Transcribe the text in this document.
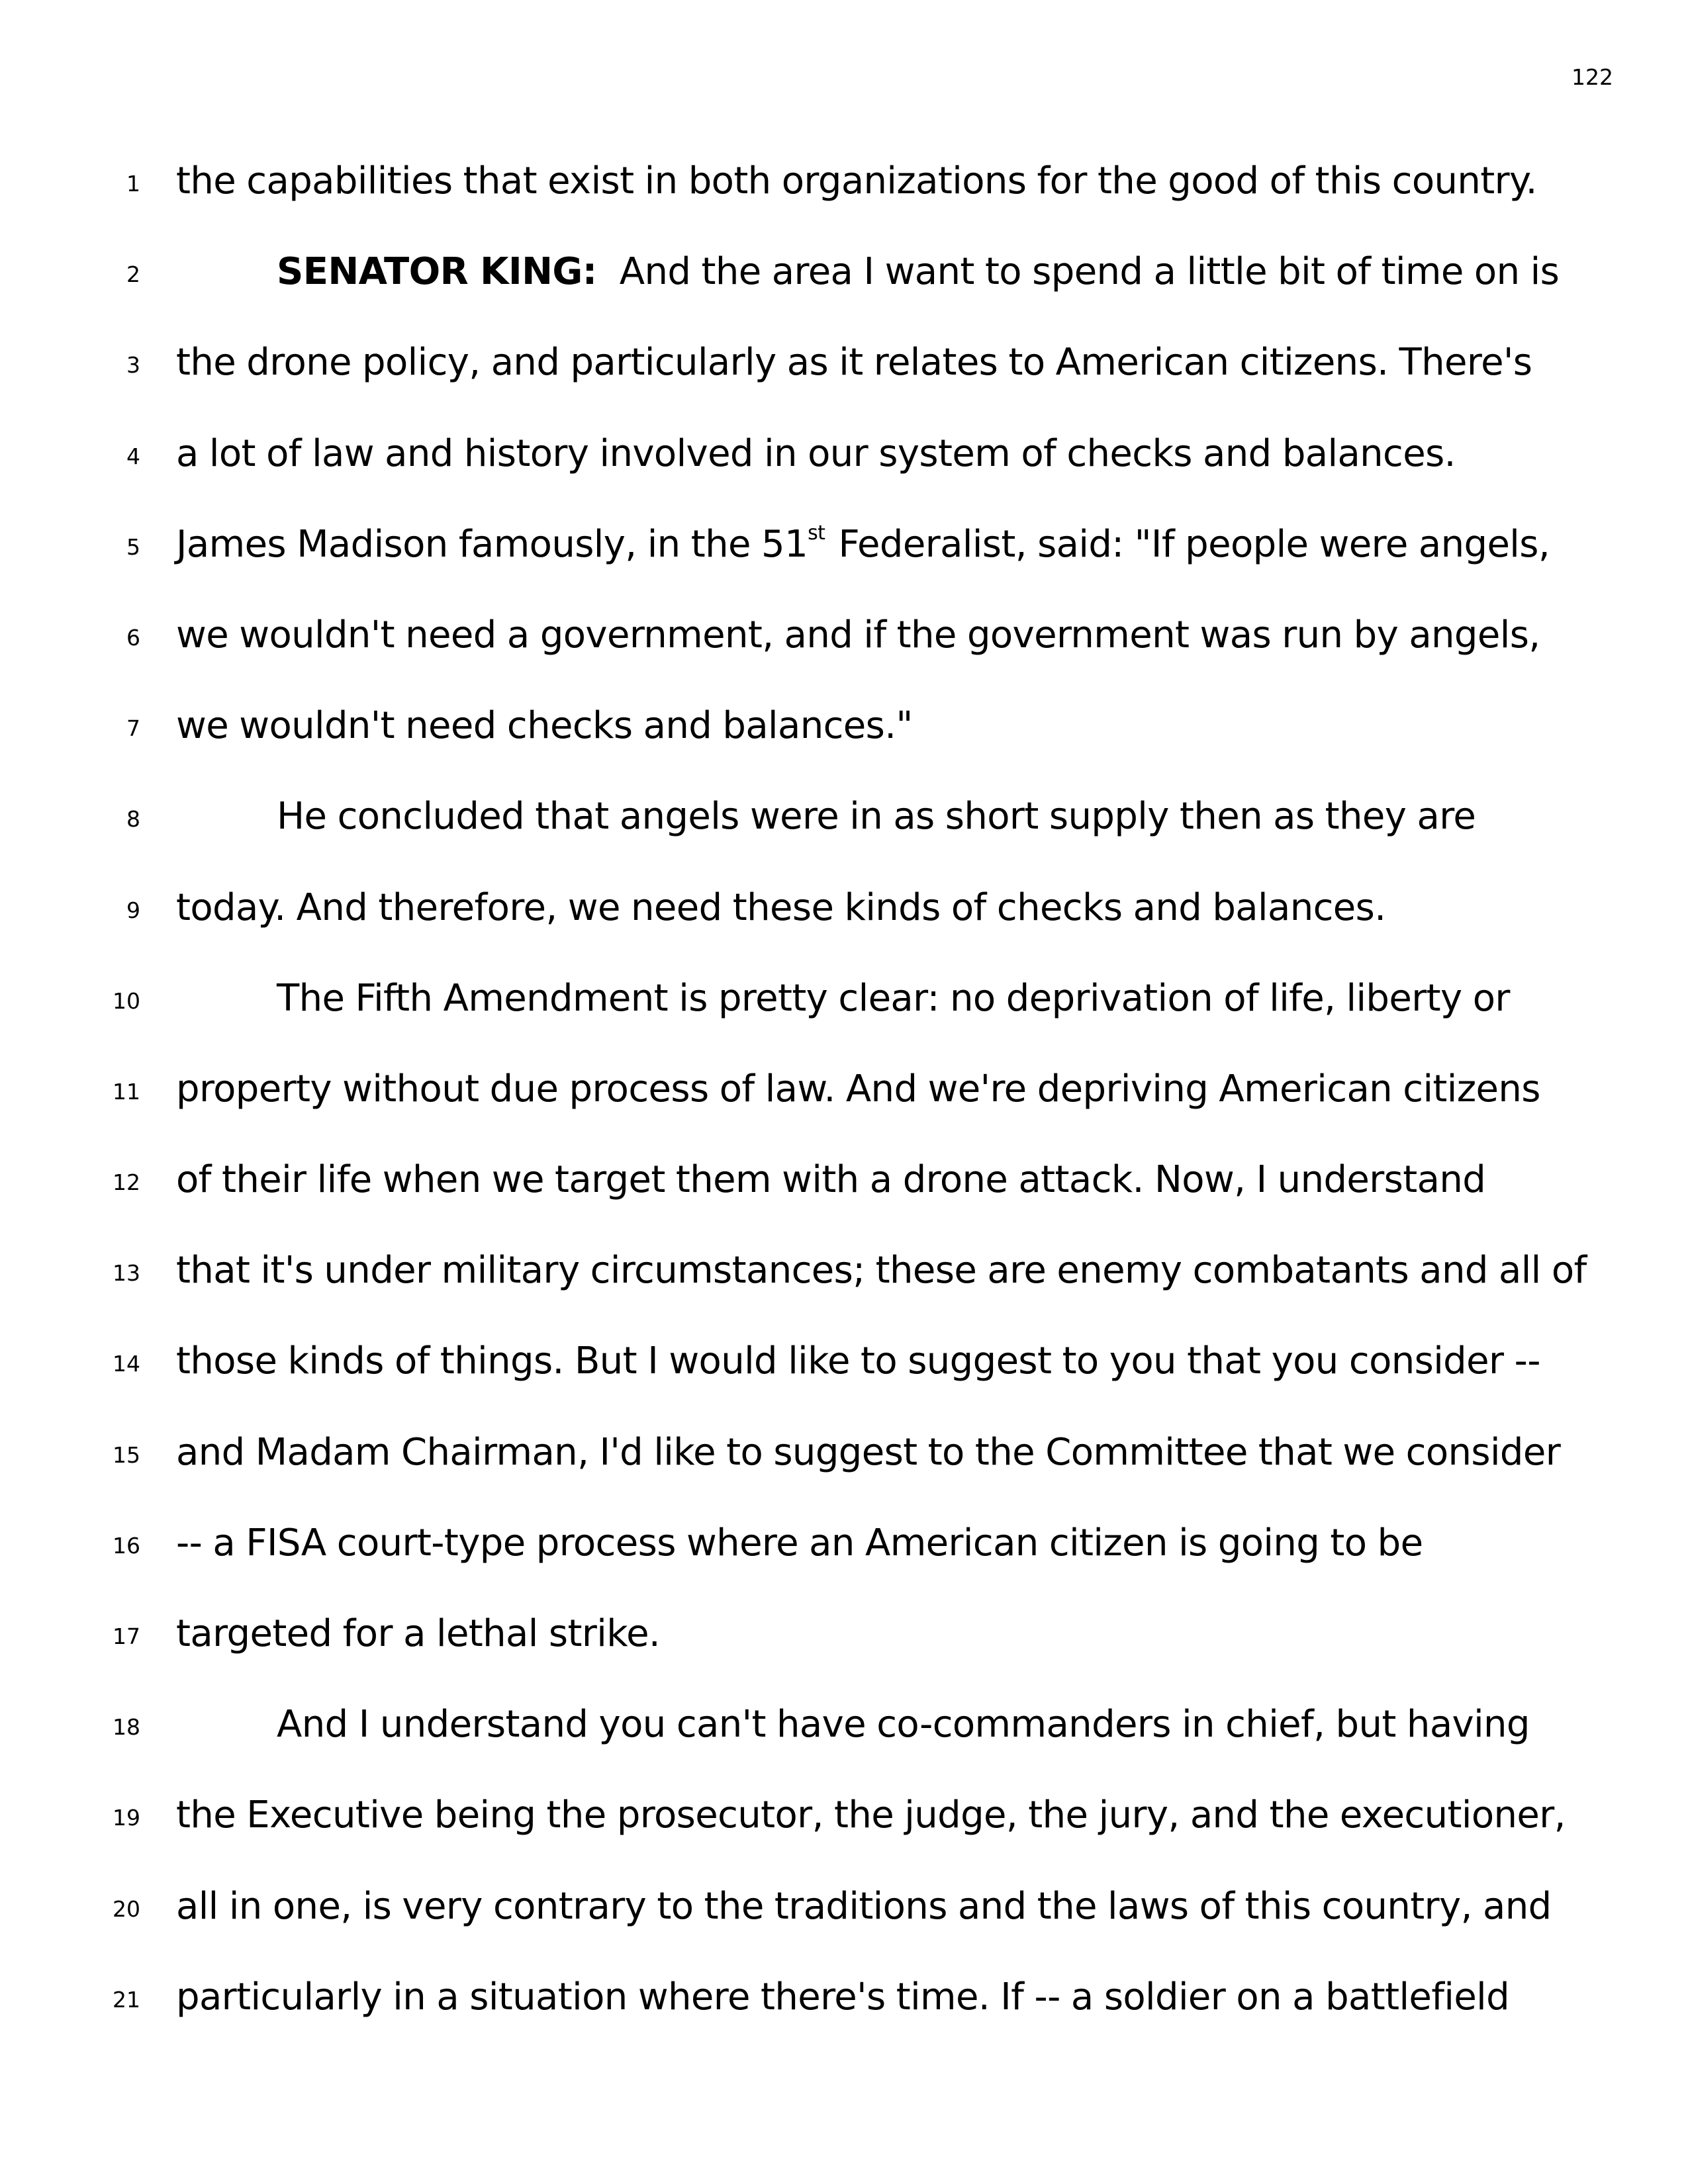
122
1 the capabilities that exist in both organizations for the good of this country.
2	SENATOR KING: And the area I want to spend a little bit of time on is
3 the drone policy, and particularly as it relates to American citizens. There's
4 a lot of law and history involved in our system of checks and balances.
5 James Madison famously, in the 51st Federalist, said: "If people were angels,
6 we wouldn't need a government, and if the government was run by angels,
7 we wouldn't need checks and balances."
8	He concluded that angels were in as short supply then as they are
9 today. And therefore, we need these kinds of checks and balances.
10	The Fifth Amendment is pretty clear: no deprivation of life, liberty or
11 property without due process of law. And we're depriving American citizens
12 of their life when we target them with a drone attack. Now, I understand
13 that it's under military circumstances; these are enemy combatants and all of
14 those kinds of things. But I would like to suggest to you that you consider --
15 and Madam Chairman, I'd like to suggest to the Committee that we consider
16 -- a FISA court-type process where an American citizen is going to be
17 targeted for a lethal strike.
18	And I understand you can't have co-commanders in chief, but having
19 the Executive being the prosecutor, the judge, the jury, and the executioner,
20 all in one, is very contrary to the traditions and the laws of this country, and
21 particularly in a situation where there's time. If -- a soldier on a battlefield
